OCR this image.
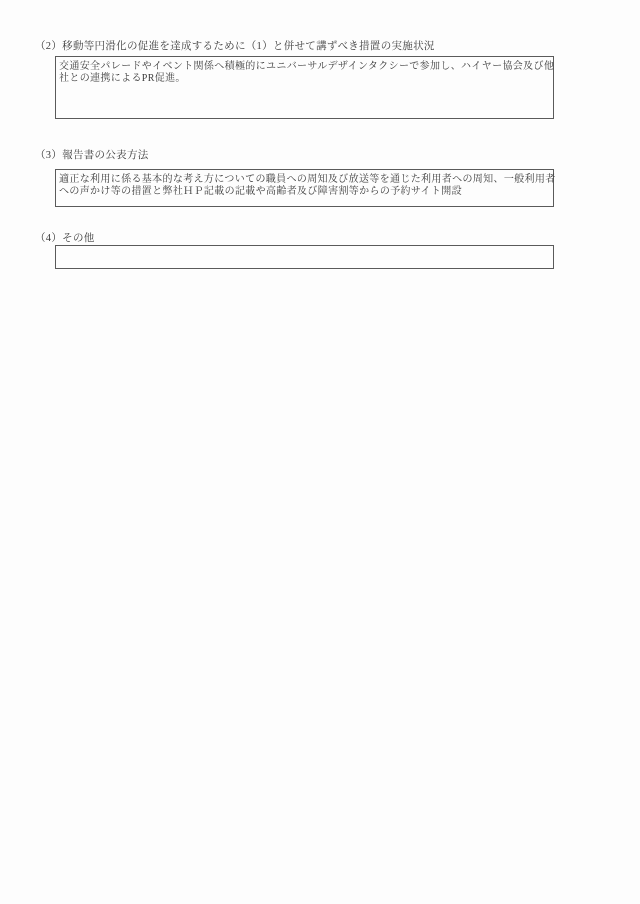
（2）移動等円滑化の促進を達成するために（1）と併せて講ずべき措置の実施状況
交通安全パレードやイベント関係へ積極的にユニバーサルデザインタクシーで参加し、ハイヤー協会及び他
社との連携によるPR促進。
（3）報告書の公表方法
適正な利用に係る基本的な考え方についての職員への周知及び放送等を通じた利用者への周知、一般利用者
への声かけ等の措置と弊社ＨＰ記載の記載や高齢者及び障害割等からの予約サイト開設
（4）その他
